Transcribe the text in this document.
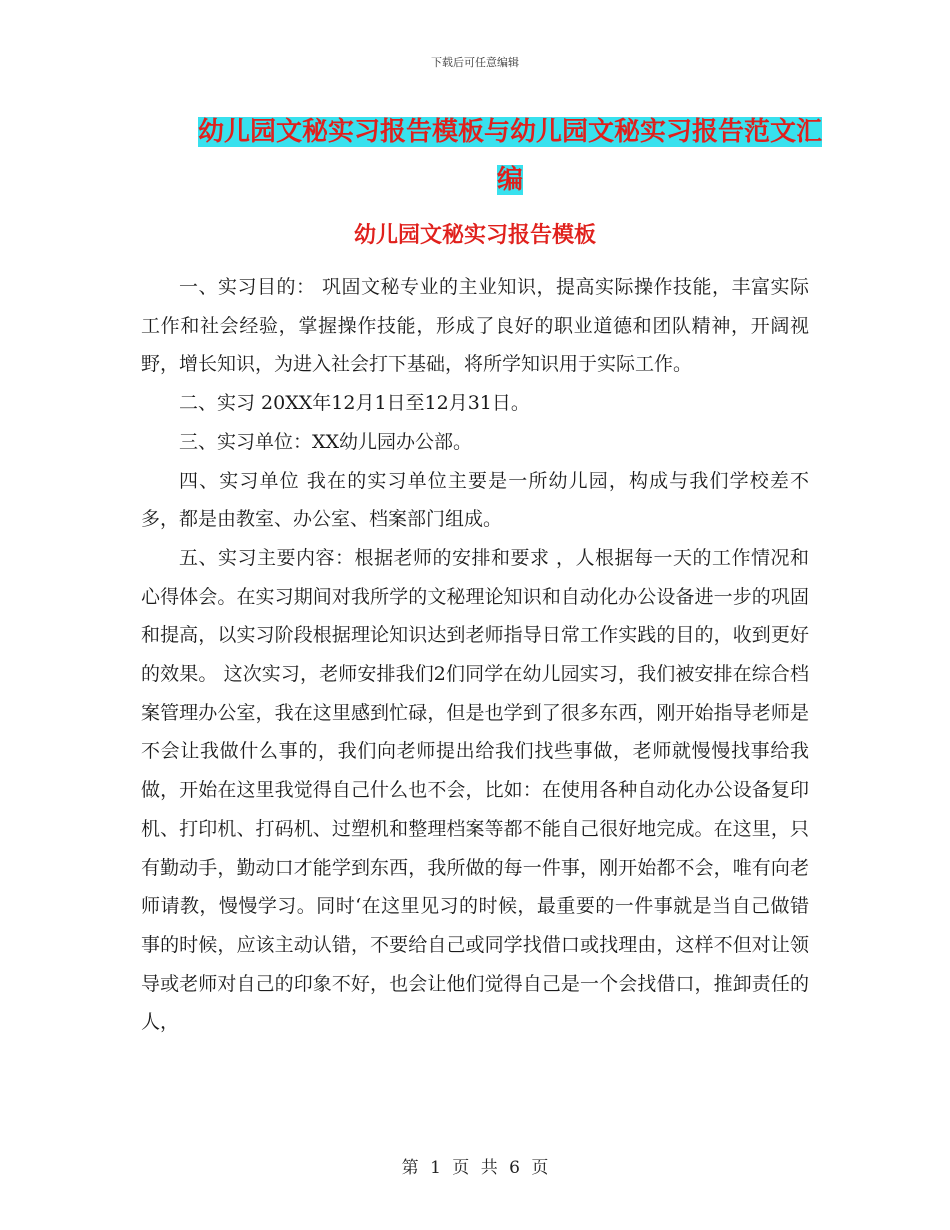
下载后可任意编辑
幼儿园文秘实习报告模板与幼儿园文秘实习报告范文汇编
幼儿园文秘实习报告模板

一、实习目的： 巩固文秘专业的主业知识，提高实际操作技能，丰富实际工作和社会经验，掌握操作技能，形成了良好的职业道德和团队精神，开阔视野，增长知识，为进入社会打下基础，将所学知识用于实际工作。

二、实习 20XX年12月1日至12月31日。

三、实习单位：XX幼儿园办公部。

四、实习单位 我在的实习单位主要是一所幼儿园，构成与我们学校差不多，都是由教室、办公室、档案部门组成。

五、实习主要内容：根据老师的安排和要求 ，人根据每一天的工作情况和心得体会。在实习期间对我所学的文秘理论知识和自动化办公设备进一步的巩固和提高，以实习阶段根据理论知识达到老师指导日常工作实践的目的，收到更好的效果。 这次实习，老师安排我们2们同学在幼儿园实习，我们被安排在综合档案管理办公室，我在这里感到忙碌，但是也学到了很多东西，刚开始指导老师是不会让我做什么事的，我们向老师提出给我们找些事做，老师就慢慢找事给我做，开始在这里我觉得自己什么也不会，比如：在使用各种自动化办公设备复印机、打印机、打码机、过塑机和整理档案等都不能自己很好地完成。在这里，只有勤动手，勤动口才能学到东西，我所做的每一件事，刚开始都不会，唯有向老师请教，慢慢学习。同时‘在这里见习的时候，最重要的一件事就是当自己做错事的时候，应该主动认错，不要给自己或同学找借口或找理由，这样不但对让领导或老师对自己的印象不好，也会让他们觉得自己是一个会找借口，推卸责任的人，

第 1 页 共 6 页
